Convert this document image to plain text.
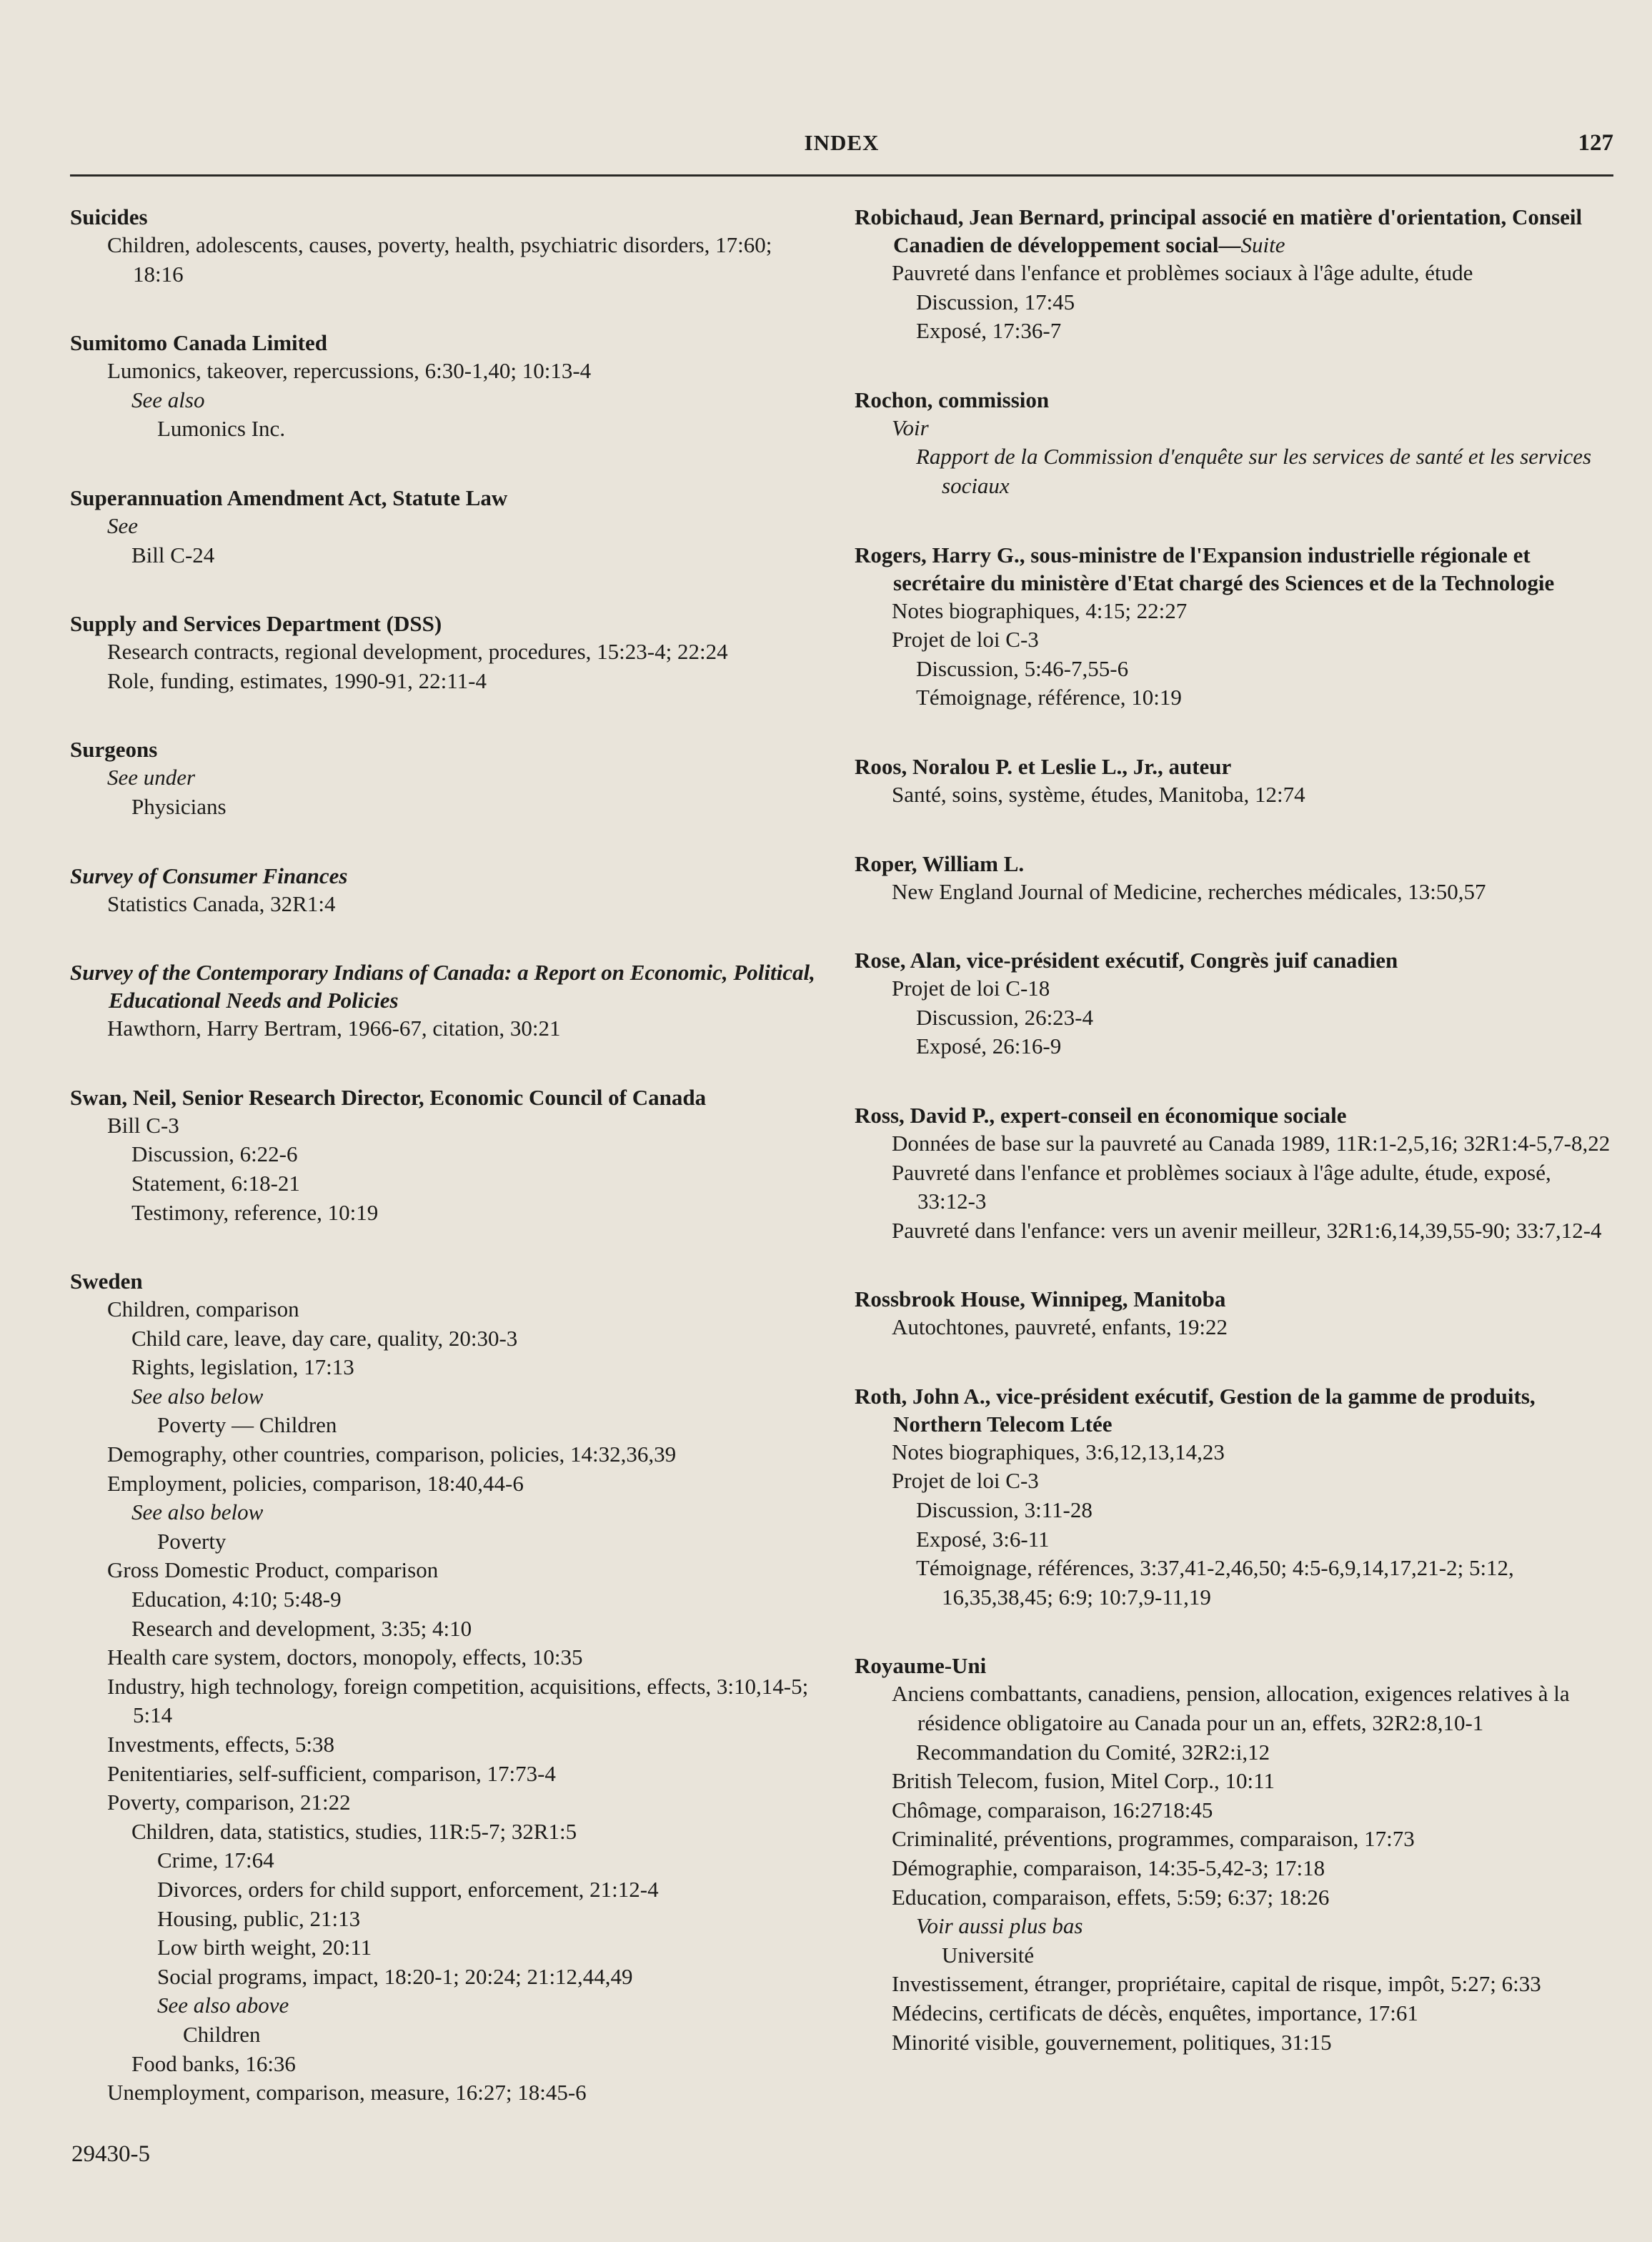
INDEX	127
Suicides
Children, adolescents, causes, poverty, health, psychiatric disorders, 17:60; 18:16
Sumitomo Canada Limited
Lumonics, takeover, repercussions, 6:30-1,40; 10:13-4
See also
Lumonics Inc.
Superannuation Amendment Act, Statute Law
See
Bill C-24
Supply and Services Department (DSS)
Research contracts, regional development, procedures, 15:23-4; 22:24
Role, funding, estimates, 1990-91, 22:11-4
Surgeons
See under
Physicians
Survey of Consumer Finances
Statistics Canada, 32R1:4
Survey of the Contemporary Indians of Canada: a Report on Economic, Political, Educational Needs and Policies
Hawthorn, Harry Bertram, 1966-67, citation, 30:21
Swan, Neil, Senior Research Director, Economic Council of Canada
Bill C-3
Discussion, 6:22-6
Statement, 6:18-21
Testimony, reference, 10:19
Sweden
Children, comparison
Child care, leave, day care, quality, 20:30-3
Rights, legislation, 17:13
See also below
Poverty — Children
Demography, other countries, comparison, policies, 14:32,36,39
Employment, policies, comparison, 18:40,44-6
See also below
Poverty
Gross Domestic Product, comparison
Education, 4:10; 5:48-9
Research and development, 3:35; 4:10
Health care system, doctors, monopoly, effects, 10:35
Industry, high technology, foreign competition, acquisitions, effects, 3:10,14-5; 5:14
Investments, effects, 5:38
Penitentiaries, self-sufficient, comparison, 17:73-4
Poverty, comparison, 21:22
Children, data, statistics, studies, 11R:5-7; 32R1:5
Crime, 17:64
Divorces, orders for child support, enforcement, 21:12-4
Housing, public, 21:13
Low birth weight, 20:11
Social programs, impact, 18:20-1; 20:24; 21:12,44,49
See also above
Children
Food banks, 16:36
Unemployment, comparison, measure, 16:27; 18:45-6
Robichaud, Jean Bernard, principal associé en matière d'orientation, Conseil Canadien de développement social—Suite
Pauvreté dans l'enfance et problèmes sociaux à l'âge adulte, étude
Discussion, 17:45
Exposé, 17:36-7
Rochon, commission
Voir
Rapport de la Commission d'enquête sur les services de santé et les services sociaux
Rogers, Harry G., sous-ministre de l'Expansion industrielle régionale et secrétaire du ministère d'Etat chargé des Sciences et de la Technologie
Notes biographiques, 4:15; 22:27
Projet de loi C-3
Discussion, 5:46-7,55-6
Témoignage, référence, 10:19
Roos, Noralou P. et Leslie L., Jr., auteur
Santé, soins, système, études, Manitoba, 12:74
Roper, William L.
New England Journal of Medicine, recherches médicales, 13:50,57
Rose, Alan, vice-président exécutif, Congrès juif canadien
Projet de loi C-18
Discussion, 26:23-4
Exposé, 26:16-9
Ross, David P., expert-conseil en économique sociale
Données de base sur la pauvreté au Canada 1989, 11R:1-2,5,16; 32R1:4-5,7-8,22
Pauvreté dans l'enfance et problèmes sociaux à l'âge adulte, étude, exposé, 33:12-3
Pauvreté dans l'enfance: vers un avenir meilleur, 32R1:6,14,39,55-90; 33:7,12-4
Rossbrook House, Winnipeg, Manitoba
Autochtones, pauvreté, enfants, 19:22
Roth, John A., vice-président exécutif, Gestion de la gamme de produits, Northern Telecom Ltée
Notes biographiques, 3:6,12,13,14,23
Projet de loi C-3
Discussion, 3:11-28
Exposé, 3:6-11
Témoignage, références, 3:37,41-2,46,50; 4:5-6,9,14,17,21-2; 5:12, 16,35,38,45; 6:9; 10:7,9-11,19
Royaume-Uni
Anciens combattants, canadiens, pension, allocation, exigences relatives à la résidence obligatoire au Canada pour un an, effets, 32R2:8,10-1
Recommandation du Comité, 32R2:i,12
British Telecom, fusion, Mitel Corp., 10:11
Chômage, comparaison, 16:2718:45
Criminalité, préventions, programmes, comparaison, 17:73
Démographie, comparaison, 14:35-5,42-3; 17:18
Education, comparaison, effets, 5:59; 6:37; 18:26
Voir aussi plus bas
Université
Investissement, étranger, propriétaire, capital de risque, impôt, 5:27; 6:33
Médecins, certificats de décès, enquêtes, importance, 17:61
Minorité visible, gouvernement, politiques, 31:15
29430-5
